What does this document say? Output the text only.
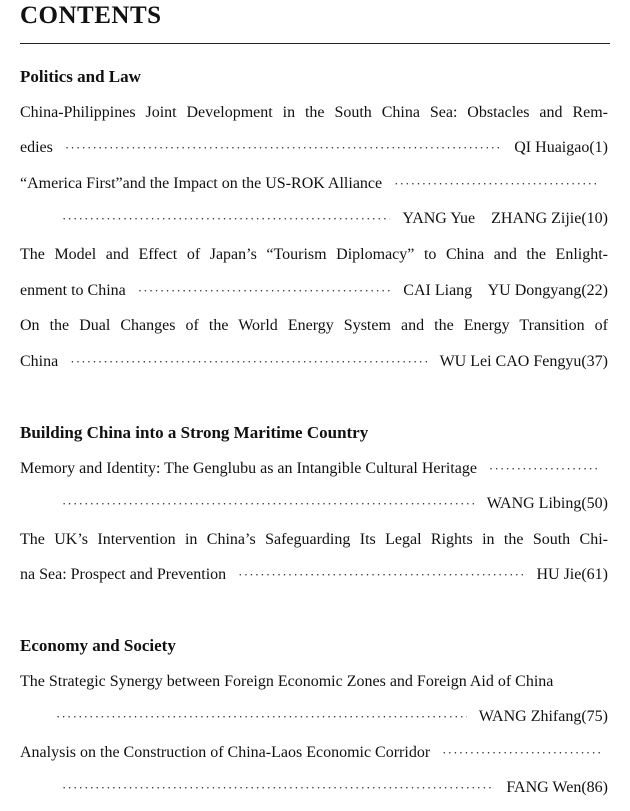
CONTENTS
Politics and Law
China-Philippines Joint Development in the South China Sea: Obstacles and Rem-
edies ·····	QI Huaigao(1)
“America First”and the Impact on the US-ROK Alliance
·····
·····
YANG Yue    ZHANG Zijie(10)
The Model and Effect of Japan’s “Tourism Diplomacy” to China and the Enlight-
enment to China ·····	CAI Liang    YU Dongyang(22)
On the Dual Changes of the World Energy System and the Energy Transition of
China ·····	WU Lei CAO Fengyu(37)
Building China into a Strong Maritime Country
Memory and Identity: The Genglubu as an Intangible Cultural Heritage
·····
·····
WANG Libing(50)
The UK’s Intervention in China’s Safeguarding Its Legal Rights in the South Chi-
na Sea: Prospect and Prevention ·····	HU Jie(61)
Economy and Society
The Strategic Synergy between Foreign Economic Zones and Foreign Aid of China
·····
WANG Zhifang(75)
Analysis on the Construction of China-Laos Economic Corridor
·····
·····
FANG Wen(86)
